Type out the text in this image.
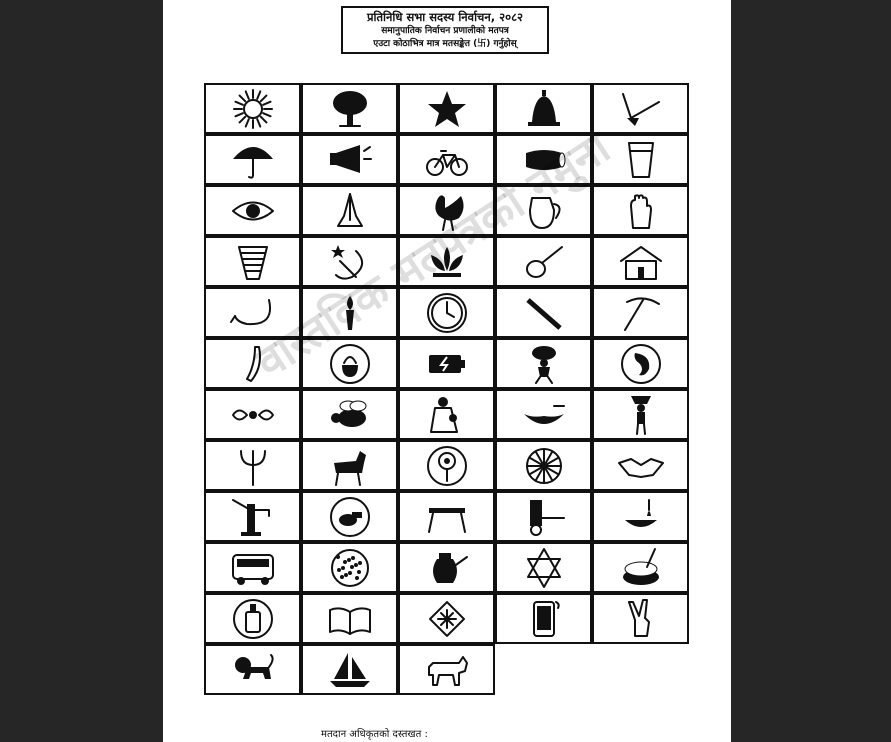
प्रतिनिधि सभा सदस्य निर्वाचन, २०८२
समानुपातिक निर्वाचन प्रणालीको मतपत्र
एउटा कोठाभित्र मात्र मतसङ्केत (卐) गर्नुहोस्
मतदान अधिकृतको दस्तखत :
